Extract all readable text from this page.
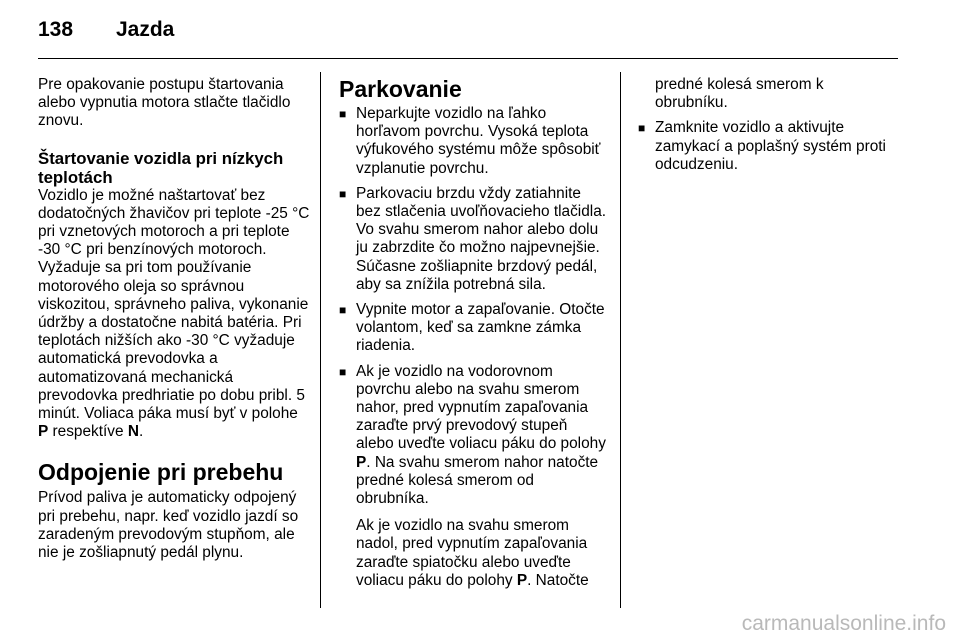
138	Jazda

Pre opakovanie postupu štartovania alebo vypnutia motora stlačte tlačidlo znovu.

Štartovanie vozidla pri nízkych teplotách

Vozidlo je možné naštartovať bez dodatočných žhavičov pri teplote -25 °C pri vznetových motoroch a pri teplote -30 °C pri benzínových motoroch. Vyžaduje sa pri tom používanie motorového oleja so správnou viskozitou, správneho paliva, vykonanie údržby a dostatočne nabitá batéria. Pri teplotách nižších ako -30 °C vyžaduje automatická prevodovka a automatizovaná mechanická prevodovka predhriatie po dobu pribl. 5 minút. Voliaca páka musí byť v polohe P respektíve N.

Odpojenie pri prebehu

Prívod paliva je automaticky odpojený pri prebehu, napr. keď vozidlo jazdí so zaradeným prevodovým stupňom, ale nie je zošliapnutý pedál plynu.

Parkovanie
■ Neparkujte vozidlo na ľahko horľavom povrchu. Vysoká teplota výfukového systému môže spôsobiť vzplanutie povrchu.
■ Parkovaciu brzdu vždy zatiahnite bez stlačenia uvoľňovacieho tlačidla. Vo svahu smerom nahor alebo dolu ju zabrzdite čo možno najpevnejšie. Súčasne zošliapnite brzdový pedál, aby sa znížila potrebná sila.
■ Vypnite motor a zapaľovanie. Otočte volantom, keď sa zamkne zámka riadenia.
■ Ak je vozidlo na vodorovnom povrchu alebo na svahu smerom nahor, pred vypnutím zapaľovania zaraďte prvý prevodový stupeň alebo uveďte voliacu páku do polohy P. Na svahu smerom nahor natočte predné kolesá smerom od obrubníka.

Ak je vozidlo na svahu smerom nadol, pred vypnutím zapaľovania zaraďte spiatočku alebo uveďte voliacu páku do polohy P. Natočte

predné kolesá smerom k obrubníku.

■ Zamknite vozidlo a aktivujte zamykací a poplašný systém proti odcudzeniu.
carmanualsonline.info
